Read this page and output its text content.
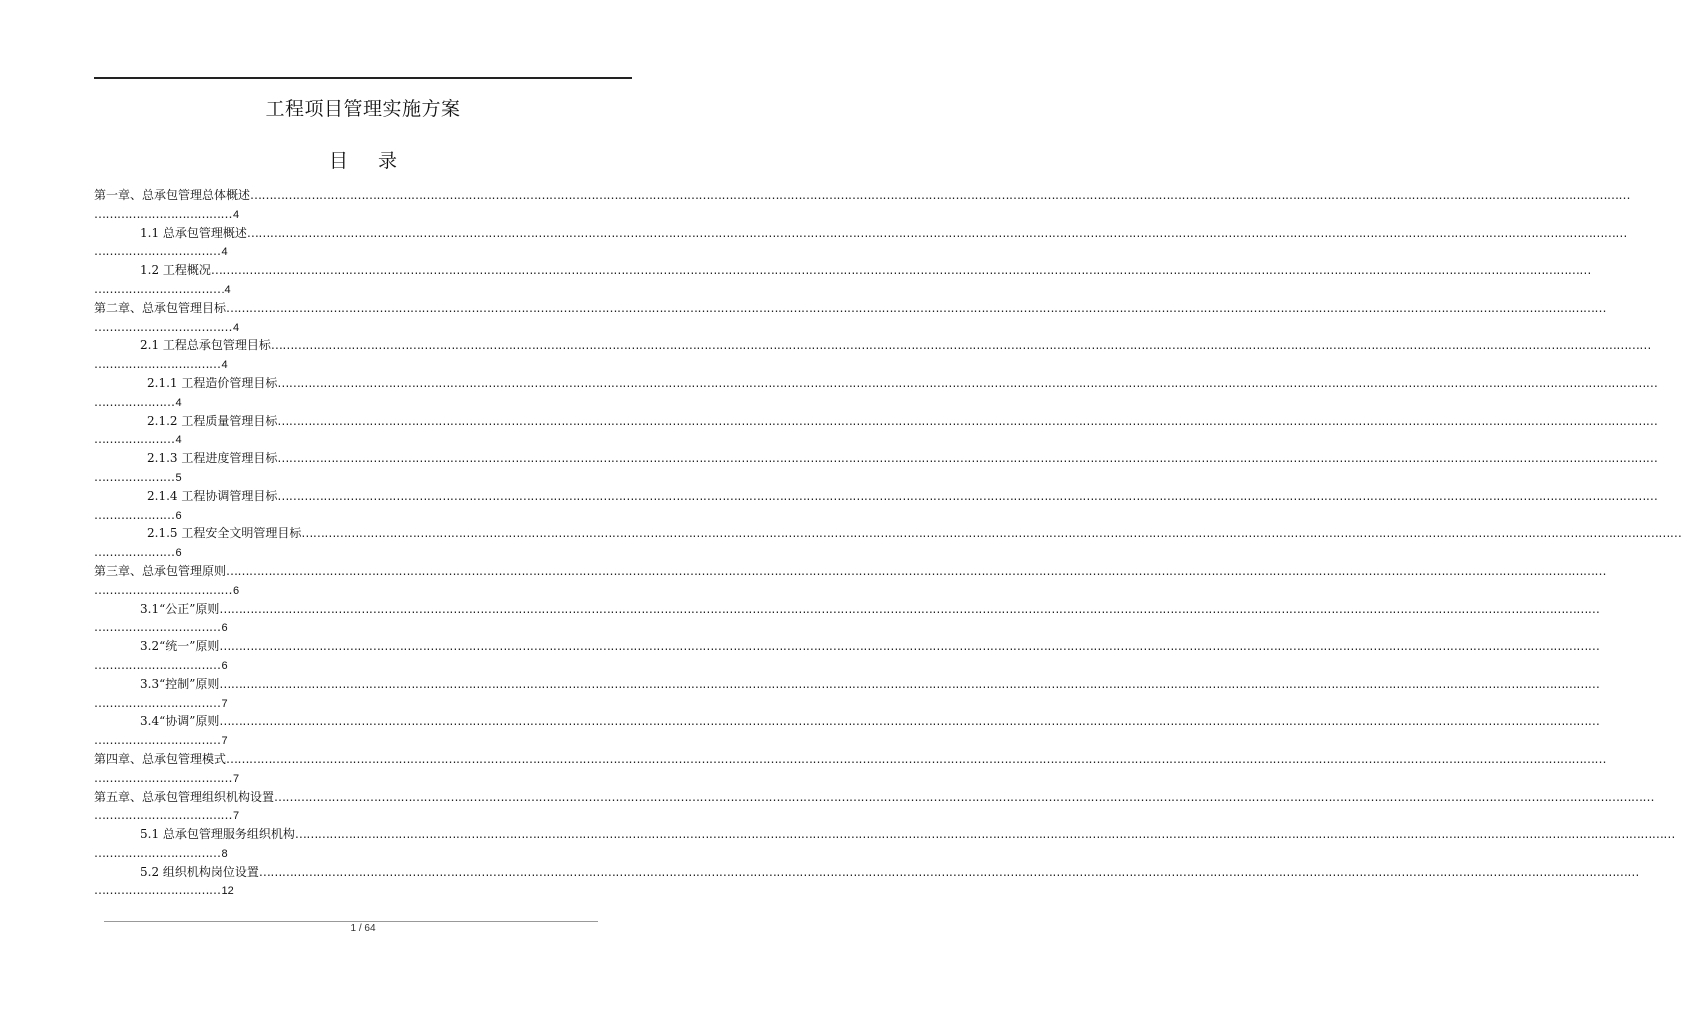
工程项目管理实施方案
目 录
第一章、总承包管理总体概述………………………………………………………………………………………………………………………………………………………………………………………………………………………………………………………………………………………………………………………………
………………………………4
1.1 总承包管理概述………………………………………………………………………………………………………………………………………………………………………………………………………………………………………………………………………………………………………………………………
……………………………4
1.2 工程概况………………………………………………………………………………………………………………………………………………………………………………………………………………………………………………………………………………………………………………………………
…………………………….4
第二章、总承包管理目标………………………………………………………………………………………………………………………………………………………………………………………………………………………………………………………………………………………………………………………………
………………………………4
2.1 工程总承包管理目标………………………………………………………………………………………………………………………………………………………………………………………………………………………………………………………………………………………………………………………………
……………………………4
2.1.1 工程造价管理目标………………………………………………………………………………………………………………………………………………………………………………………………………………………………………………………………………………………………………………………………
…………………4
2.1.2 工程质量管理目标………………………………………………………………………………………………………………………………………………………………………………………………………………………………………………………………………………………………………………………………
…………………4
2.1.3 工程进度管理目标………………………………………………………………………………………………………………………………………………………………………………………………………………………………………………………………………………………………………………………………
…………………5
2.1.4 工程协调管理目标………………………………………………………………………………………………………………………………………………………………………………………………………………………………………………………………………………………………………………………………
…………………6
2.1.5 工程安全文明管理目标………………………………………………………………………………………………………………………………………………………………………………………………………………………………………………………………………………………………………………………………
…………………6
第三章、总承包管理原则………………………………………………………………………………………………………………………………………………………………………………………………………………………………………………………………………………………………………………………………
………………………………6
3.1“公正”原则………………………………………………………………………………………………………………………………………………………………………………………………………………………………………………………………………………………………………………………………
……………………………6
3.2“统一”原则………………………………………………………………………………………………………………………………………………………………………………………………………………………………………………………………………………………………………………………………
……………………………6
3.3“控制”原则………………………………………………………………………………………………………………………………………………………………………………………………………………………………………………………………………………………………………………………………
……………………………7
3.4“协调”原则………………………………………………………………………………………………………………………………………………………………………………………………………………………………………………………………………………………………………………………………
……………………………7
第四章、总承包管理模式………………………………………………………………………………………………………………………………………………………………………………………………………………………………………………………………………………………………………………………………
………………………………7
第五章、总承包管理组织机构设置………………………………………………………………………………………………………………………………………………………………………………………………………………………………………………………………………………………………………………………………
………………………………7
5.1 总承包管理服务组织机构………………………………………………………………………………………………………………………………………………………………………………………………………………………………………………………………………………………………………………………………
……………………………8
5.2 组织机构岗位设置………………………………………………………………………………………………………………………………………………………………………………………………………………………………………………………………………………………………………………………………
……………………………12
1 / 64
